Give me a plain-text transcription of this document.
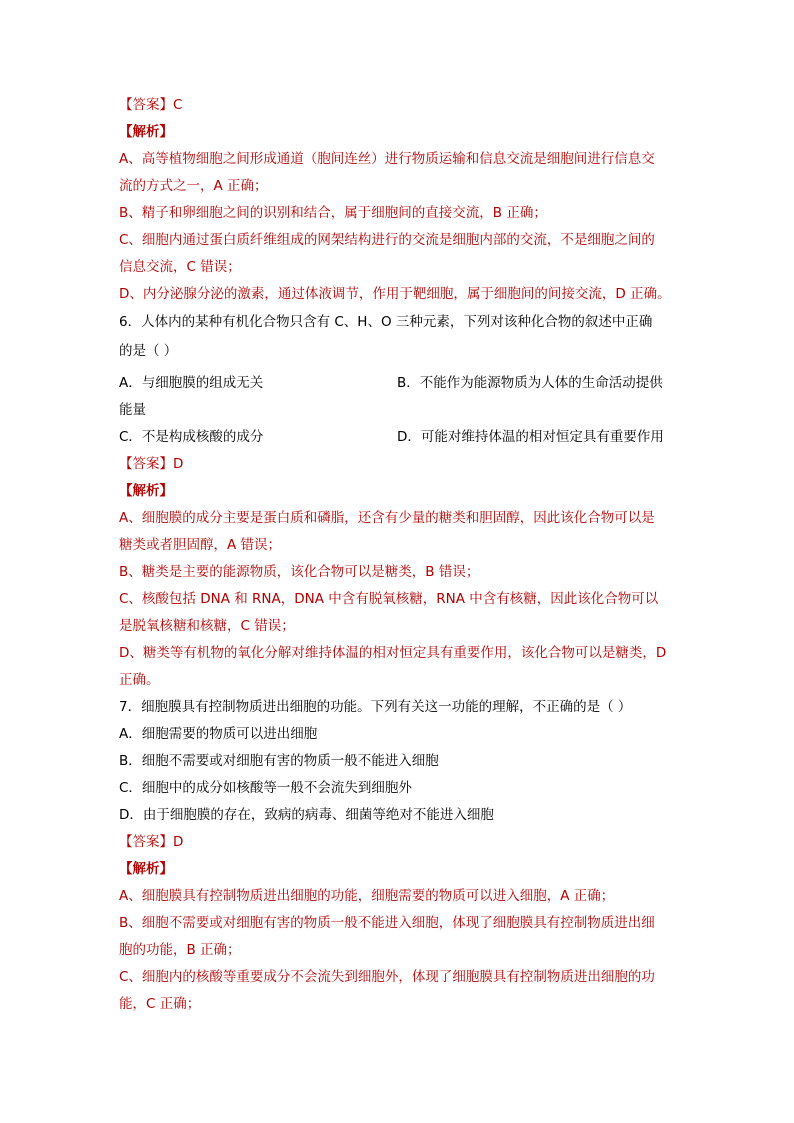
【答案】C
【解析】
A、高等植物细胞之间形成通道（胞间连丝）进行物质运输和信息交流是细胞间进行信息交
流的方式之一，A 正确；
B、精子和卵细胞之间的识别和结合，属于细胞间的直接交流，B 正确；
C、细胞内通过蛋白质纤维组成的网架结构进行的交流是细胞内部的交流，不是细胞之间的
信息交流，C 错误；
D、内分泌腺分泌的激素，通过体液调节，作用于靶细胞，属于细胞间的间接交流，D 正确。
6．人体内的某种有机化合物只含有 C、H、O 三种元素，下列对该种化合物的叙述中正确
的是（ ）
A．与细胞膜的组成无关	B．不能作为能源物质为人体的生命活动提供
能量
C．不是构成核酸的成分	D．可能对维持体温的相对恒定具有重要作用
【答案】D
【解析】
A、细胞膜的成分主要是蛋白质和磷脂，还含有少量的糖类和胆固醇，因此该化合物可以是
糖类或者胆固醇，A 错误；
B、糖类是主要的能源物质，该化合物可以是糖类，B 错误；
C、核酸包括 DNA 和 RNA，DNA 中含有脱氧核糖，RNA 中含有核糖，因此该化合物可以
是脱氧核糖和核糖，C 错误；
D、糖类等有机物的氧化分解对维持体温的相对恒定具有重要作用，该化合物可以是糖类，D
正确。
7．细胞膜具有控制物质进出细胞的功能。下列有关这一功能的理解，不正确的是（ ）
A．细胞需要的物质可以进出细胞
B．细胞不需要或对细胞有害的物质一般不能进入细胞
C．细胞中的成分如核酸等一般不会流失到细胞外
D．由于细胞膜的存在，致病的病毒、细菌等绝对不能进入细胞
【答案】D
【解析】
A、细胞膜具有控制物质进出细胞的功能，细胞需要的物质可以进入细胞，A 正确；
B、细胞不需要或对细胞有害的物质一般不能进入细胞，体现了细胞膜具有控制物质进出细
胞的功能，B 正确；
C、细胞内的核酸等重要成分不会流失到细胞外，体现了细胞膜具有控制物质进出细胞的功
能，C 正确；
